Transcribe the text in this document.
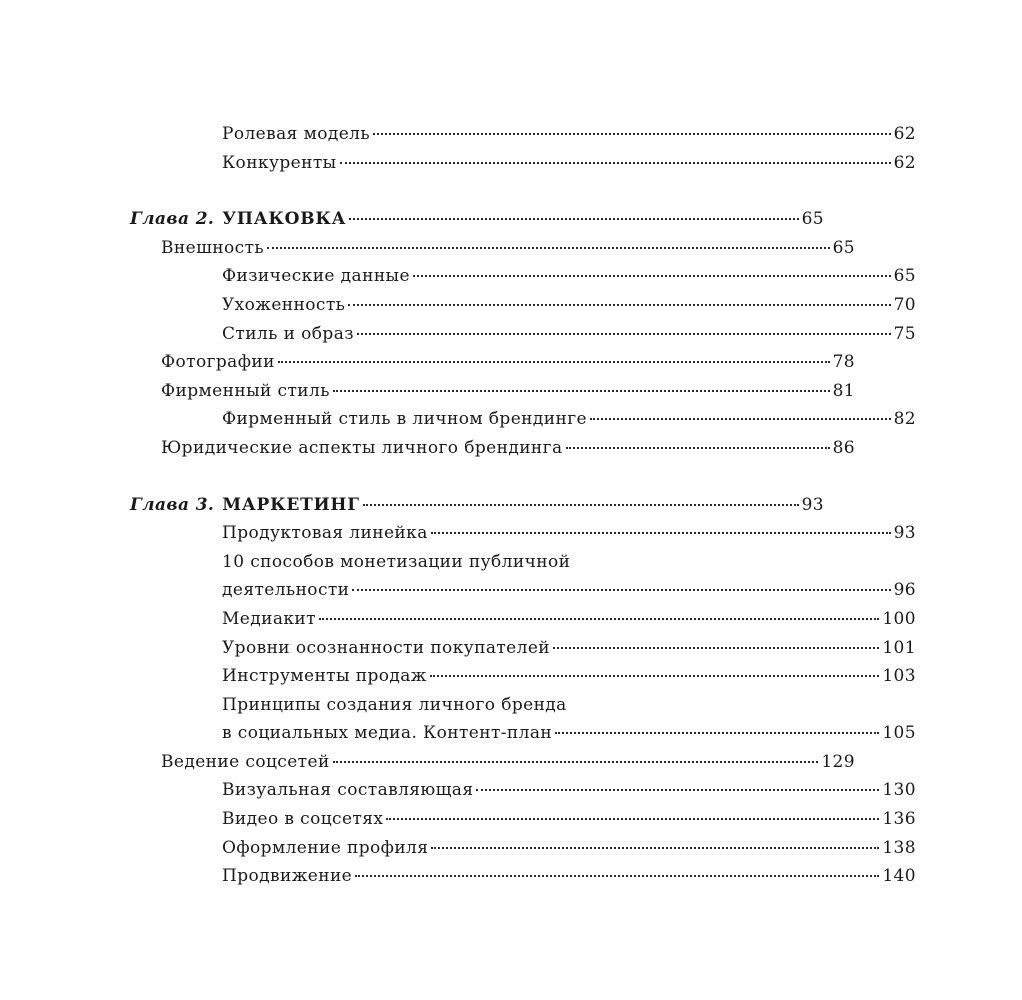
Ролевая модель	62
Конкуренты	62
Глава 2. УПАКОВКА	65
Внешность	65
Физические данные	65
Ухоженность	70
Стиль и образ	75
Фотографии	78
Фирменный стиль	81
Фирменный стиль в личном брендинге	82
Юридические аспекты личного брендинга	86
Глава 3. МАРКЕТИНГ	93
Продуктовая линейка	93
10 способов монетизации публичной
деятельности	96
Медиакит	100
Уровни осознанности покупателей	101
Инструменты продаж	103
Принципы создания личного бренда
в социальных медиа. Контент-план	105
Ведение соцсетей	129
Визуальная составляющая	130
Видео в соцсетях	136
Оформление профиля	138
Продвижение	140
